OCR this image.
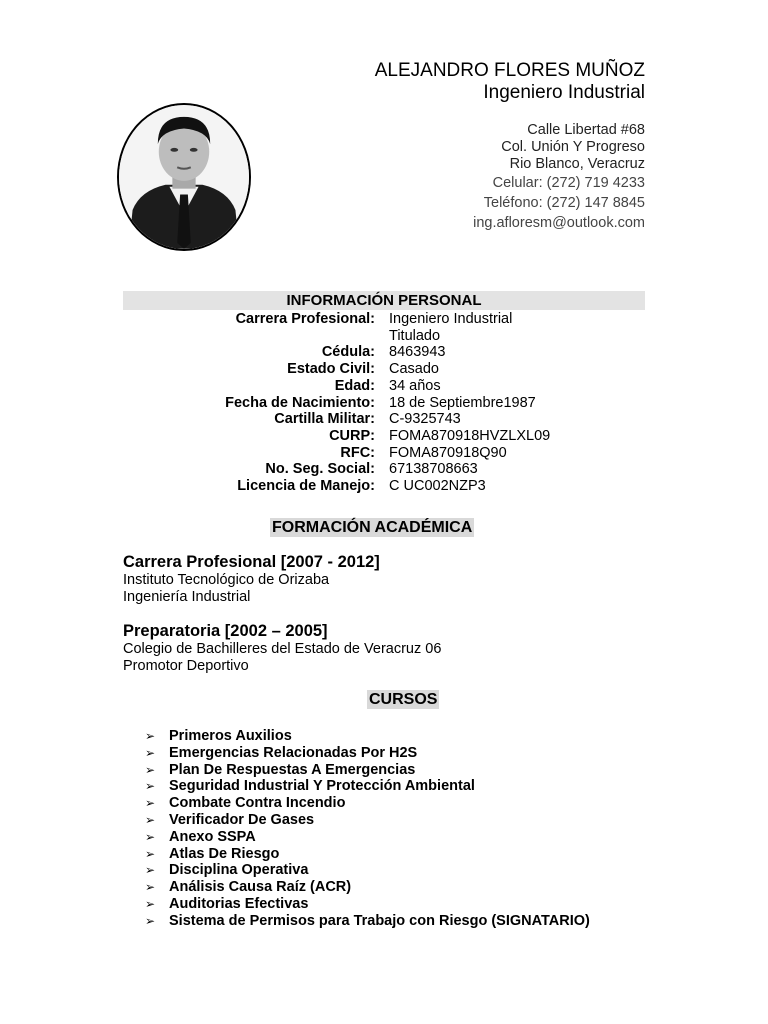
ALEJANDRO FLORES MUÑOZ
Ingeniero Industrial
Calle Libertad #68
Col. Unión Y Progreso
Rio Blanco, Veracruz
Celular: (272) 719 4233
Teléfono: (272) 147 8845
ing.afloresm@outlook.com
INFORMACIÓN PERSONAL
Carrera Profesional: Ingeniero Industrial
Titulado
Cédula: 8463943
Estado Civil: Casado
Edad: 34 años
Fecha de Nacimiento: 18 de Septiembre1987
Cartilla Militar: C-9325743
CURP: FOMA870918HVZLXL09
RFC: FOMA870918Q90
No. Seg. Social: 67138708663
Licencia de Manejo: C UC002NZP3
FORMACIÓN ACADÉMICA
Carrera Profesional [2007 - 2012]
Instituto Tecnológico de Orizaba
Ingeniería Industrial
Preparatoria [2002 – 2005]
Colegio de Bachilleres del Estado de Veracruz 06
Promotor Deportivo
CURSOS
➢ Primeros Auxilios
➢ Emergencias Relacionadas Por H2S
➢ Plan De Respuestas A Emergencias
➢ Seguridad Industrial Y Protección Ambiental
➢ Combate Contra Incendio
➢ Verificador De Gases
➢ Anexo SSPA
➢ Atlas De Riesgo
➢ Disciplina Operativa
➢ Análisis Causa Raíz (ACR)
➢ Auditorias Efectivas
➢ Sistema de Permisos para Trabajo con Riesgo (SIGNATARIO)
